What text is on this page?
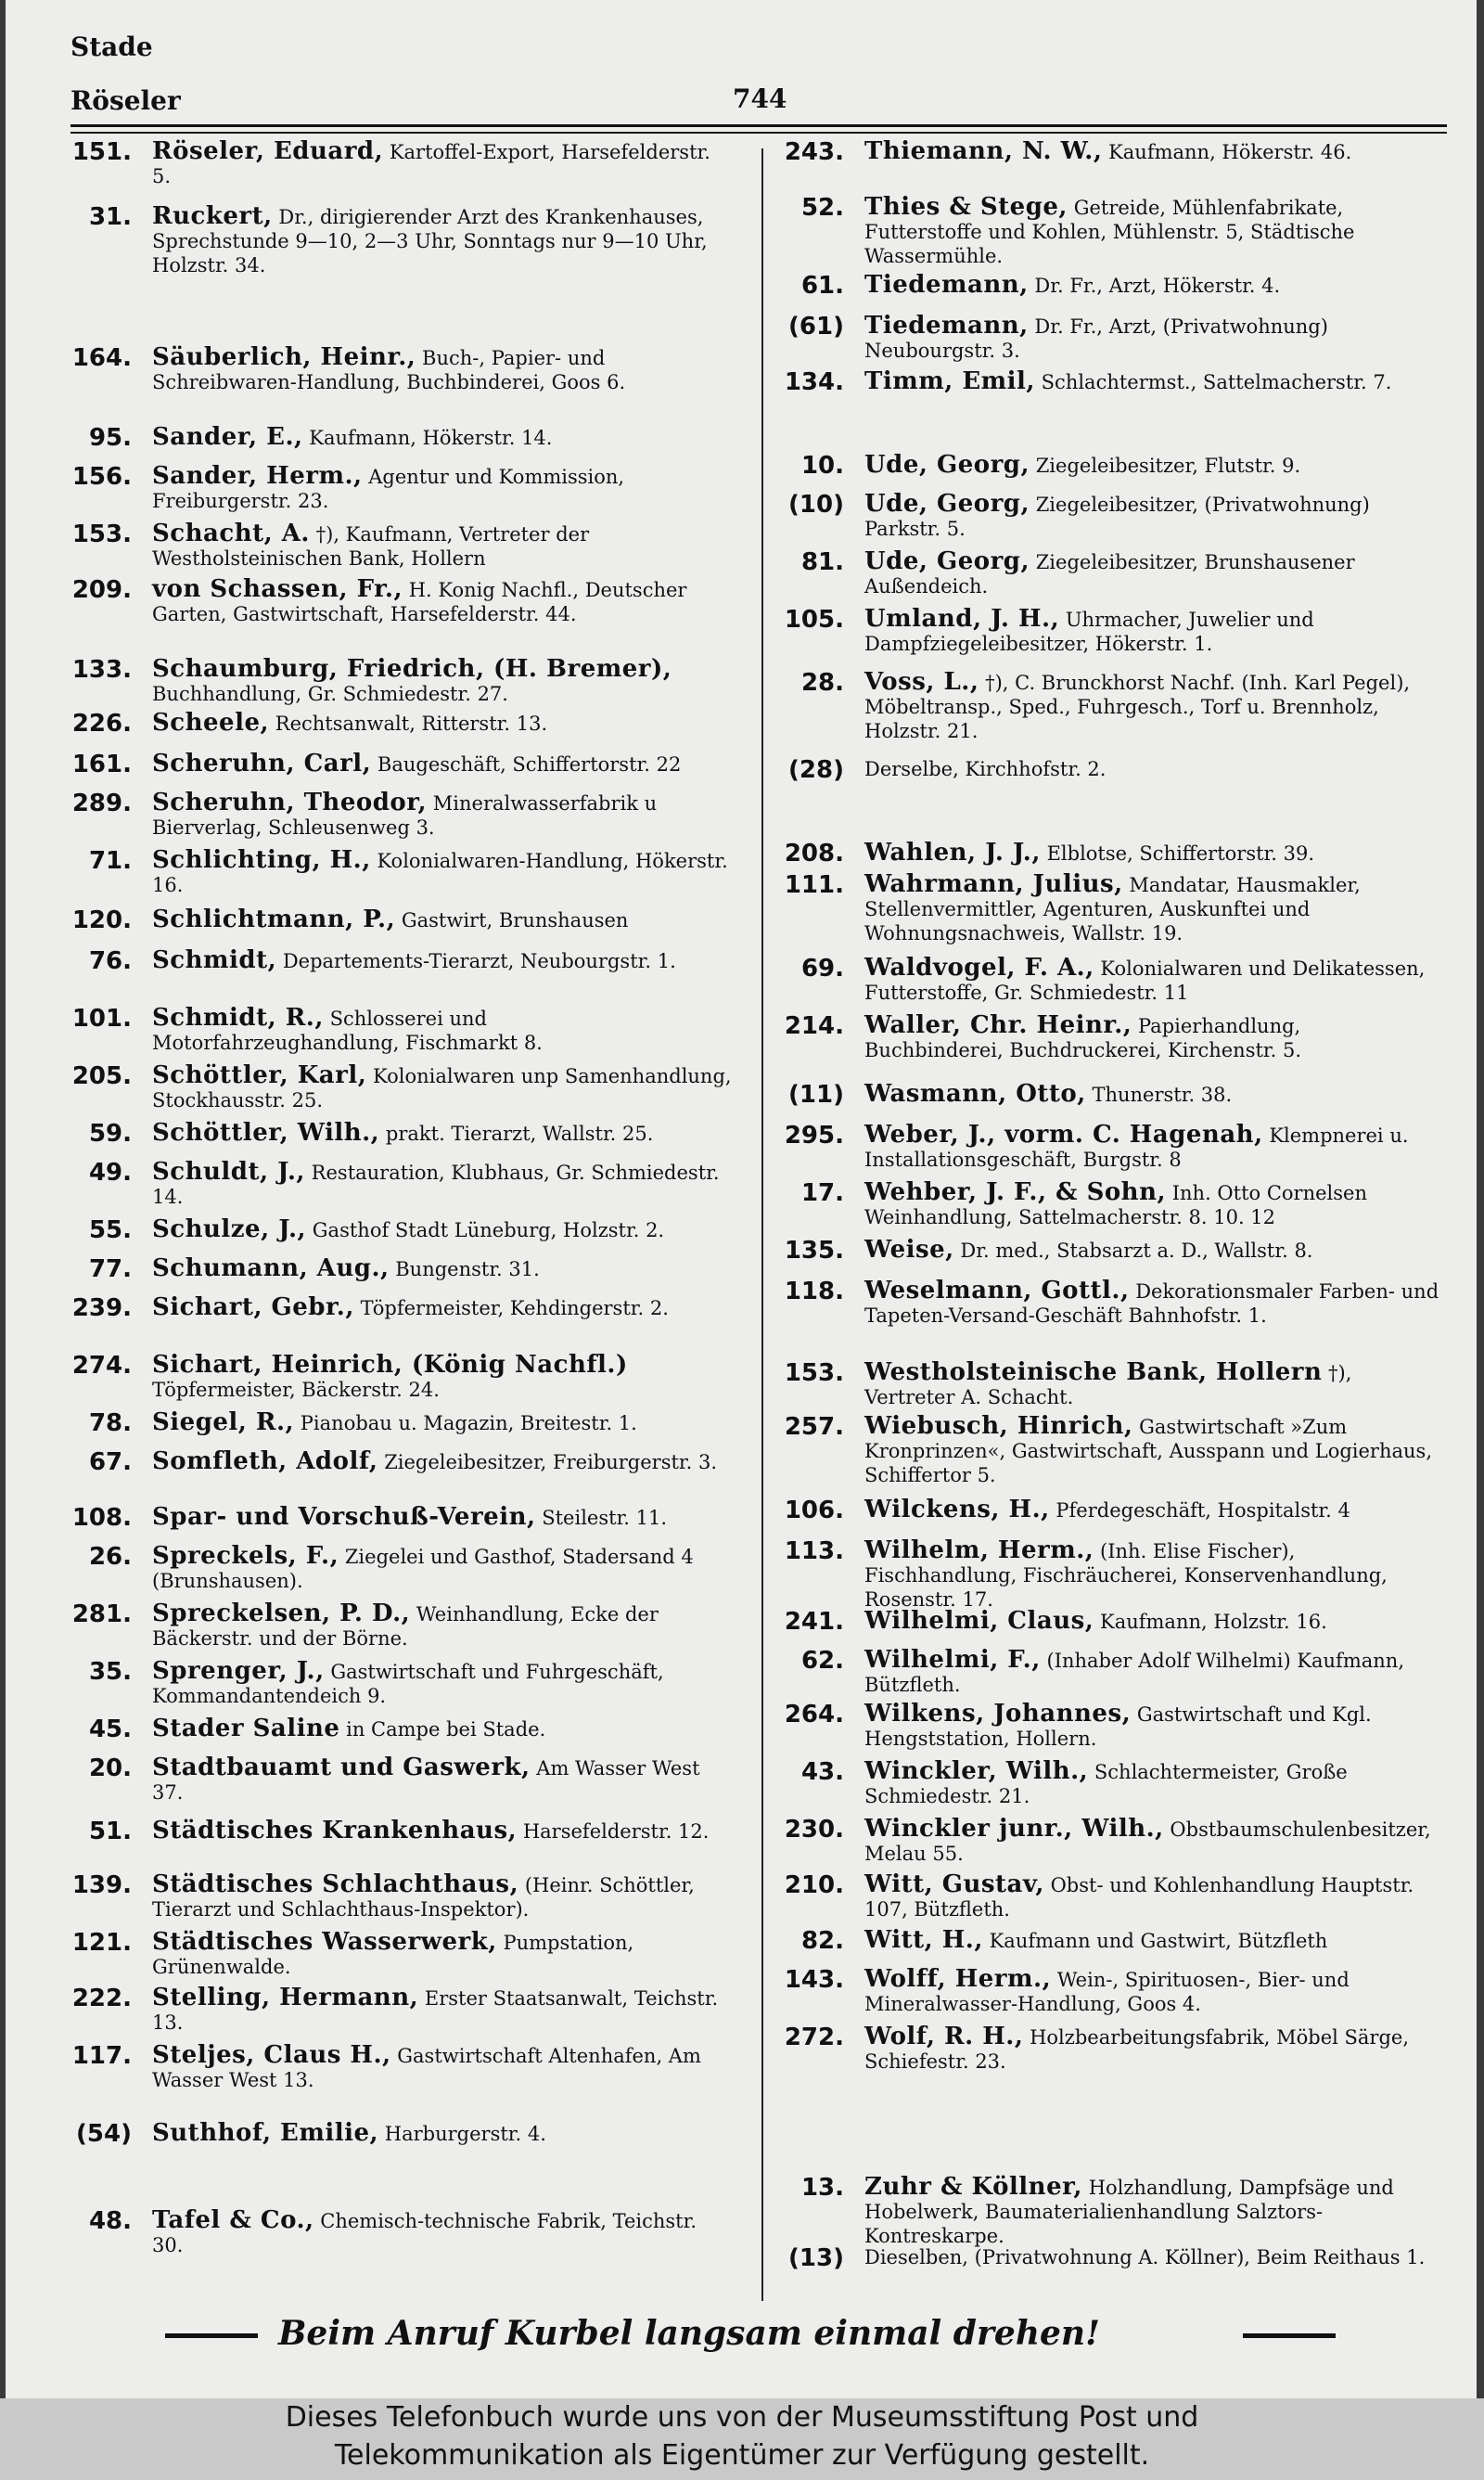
Stade
Röseler	744
151. Röseler, Eduard, Kartoffel-Export, Harsefelderstr. 5.
31. Ruckert, Dr., dirigierender Arzt des Krankenhauses, Sprechstunde 9—10, 2—3 Uhr, Sonntags nur 9—10 Uhr, Holzstr. 34.
164. Säuberlich, Heinr., Buch-, Papier- und Schreibwaren-Handlung, Buchbinderei, Goos 6.
95. Sander, E., Kaufmann, Hökerstr. 14.
156. Sander, Herm., Agentur und Kommission, Freiburgerstr. 23.
153. Schacht, A. †), Kaufmann, Vertreter der Westholsteinischen Bank, Hollern
209. von Schassen, Fr., H. Konig Nachfl., Deutscher Garten, Gastwirtschaft, Harsefelderstr. 44.
133. Schaumburg, Friedrich, (H. Bremer), Buchhandlung, Gr. Schmiedestr. 27.
226. Scheele, Rechtsanwalt, Ritterstr. 13.
161. Scheruhn, Carl, Baugeschäft, Schiffertorstr. 22
289. Scheruhn, Theodor, Mineralwasserfabrik u Bierverlag, Schleusenweg 3.
71. Schlichting, H., Kolonialwaren-Handlung, Hökerstr. 16.
120. Schlichtmann, P., Gastwirt, Brunshausen
76. Schmidt, Departements-Tierarzt, Neubourgstr. 1.
101. Schmidt, R., Schlosserei und Motorfahrzeughandlung, Fischmarkt 8.
205. Schöttler, Karl, Kolonialwaren unp Samenhandlung, Stockhausstr. 25.
59. Schöttler, Wilh., prakt. Tierarzt, Wallstr. 25.
49. Schuldt, J., Restauration, Klubhaus, Gr. Schmiedestr. 14.
55. Schulze, J., Gasthof Stadt Lüneburg, Holzstr. 2.
77. Schumann, Aug., Bungenstr. 31.
239. Sichart, Gebr., Töpfermeister, Kehdingerstr. 2.
274. Sichart, Heinrich, (König Nachfl.) Töpfermeister, Bäckerstr. 24.
78. Siegel, R., Pianobau u. Magazin, Breitestr. 1.
67. Somfleth, Adolf, Ziegeleibesitzer, Freiburgerstr. 3.
108. Spar- und Vorschuß-Verein, Steilestr. 11.
26. Spreckels, F., Ziegelei und Gasthof, Stadersand 4 (Brunshausen).
281. Spreckelsen, P. D., Weinhandlung, Ecke der Bäckerstr. und der Börne.
35. Sprenger, J., Gastwirtschaft und Fuhrgeschäft, Kommandantendeich 9.
45. Stader Saline in Campe bei Stade.
20. Stadtbauamt und Gaswerk, Am Wasser West 37.
51. Städtisches Krankenhaus, Harsefelderstr. 12.
139. Städtisches Schlachthaus, (Heinr. Schöttler, Tierarzt und Schlachthaus-Inspektor).
121. Städtisches Wasserwerk, Pumpstation, Grünenwalde.
222. Stelling, Hermann, Erster Staatsanwalt, Teichstr. 13.
117. Steljes, Claus H., Gastwirtschaft Altenhafen, Am Wasser West 13.
(54) Suthhof, Emilie, Harburgerstr. 4.
48. Tafel & Co., Chemisch-technische Fabrik, Teichstr. 30.
243. Thiemann, N. W., Kaufmann, Hökerstr. 46.
52. Thies & Stege, Getreide, Mühlenfabrikate, Futterstoffe und Kohlen, Mühlenstr. 5, Städtische Wassermühle.
61. Tiedemann, Dr. Fr., Arzt, Hökerstr. 4.
(61) Tiedemann, Dr. Fr., Arzt, (Privatwohnung) Neubourgstr. 3.
134. Timm, Emil, Schlachtermst., Sattelmacherstr. 7.
10. Ude, Georg, Ziegeleibesitzer, Flutstr. 9.
(10) Ude, Georg, Ziegeleibesitzer, (Privatwohnung) Parkstr. 5.
81. Ude, Georg, Ziegeleibesitzer, Brunshausener Außendeich.
105. Umland, J. H., Uhrmacher, Juwelier und Dampfziegeleibesitzer, Hökerstr. 1.
28. Voss, L., †), C. Brunckhorst Nachf. (Inh. Karl Pegel), Möbeltransp., Sped., Fuhrgesch., Torf u. Brennholz, Holzstr. 21.
(28) Derselbe, Kirchhofstr. 2.
208. Wahlen, J. J., Elblotse, Schiffertorstr. 39.
111. Wahrmann, Julius, Mandatar, Hausmakler, Stellenvermittler, Agenturen, Auskunftei und Wohnungsnachweis, Wallstr. 19.
69. Waldvogel, F. A., Kolonialwaren und Delikatessen, Futterstoffe, Gr. Schmiedestr. 11
214. Waller, Chr. Heinr., Papierhandlung, Buchbinderei, Buchdruckerei, Kirchenstr. 5.
(11) Wasmann, Otto, Thunerstr. 38.
295. Weber, J., vorm. C. Hagenah, Klempnerei u. Installationsgeschäft, Burgstr. 8
17. Wehber, J. F., & Sohn, Inh. Otto Cornelsen Weinhandlung, Sattelmacherstr. 8. 10. 12
135. Weise, Dr. med., Stabsarzt a. D., Wallstr. 8.
118. Weselmann, Gottl., Dekorationsmaler Farben- und Tapeten-Versand-Geschäft Bahnhofstr. 1.
153. Westholsteinische Bank, Hollern †), Vertreter A. Schacht.
257. Wiebusch, Hinrich, Gastwirtschaft »Zum Kronprinzen«, Gastwirtschaft, Ausspann und Logierhaus, Schiffertor 5.
106. Wilckens, H., Pferdegeschäft, Hospitalstr. 4
113. Wilhelm, Herm., (Inh. Elise Fischer), Fischhandlung, Fischräucherei, Konservenhandlung, Rosenstr. 17.
241. Wilhelmi, Claus, Kaufmann, Holzstr. 16.
62. Wilhelmi, F., (Inhaber Adolf Wilhelmi) Kaufmann, Bützfleth.
264. Wilkens, Johannes, Gastwirtschaft und Kgl. Hengststation, Hollern.
43. Winckler, Wilh., Schlachtermeister, Große Schmiedestr. 21.
230. Winckler junr., Wilh., Obstbaumschulenbesitzer, Melau 55.
210. Witt, Gustav, Obst- und Kohlenhandlung Hauptstr. 107, Bützfleth.
82. Witt, H., Kaufmann und Gastwirt, Bützfleth
143. Wolff, Herm., Wein-, Spirituosen-, Bier- und Mineralwasser-Handlung, Goos 4.
272. Wolf, R. H., Holzbearbeitungsfabrik, Möbel Särge, Schiefestr. 23.
13. Zuhr & Köllner, Holzhandlung, Dampfsäge und Hobelwerk, Baumaterialienhandlung Salztors-Kontreskarpe.
(13) Dieselben, (Privatwohnung A. Köllner), Beim Reithaus 1.
Beim Anruf Kurbel langsam einmal drehen!
Dieses Telefonbuch wurde uns von der Museumsstiftung Post und
Telekommunikation als Eigentümer zur Verfügung gestellt.
